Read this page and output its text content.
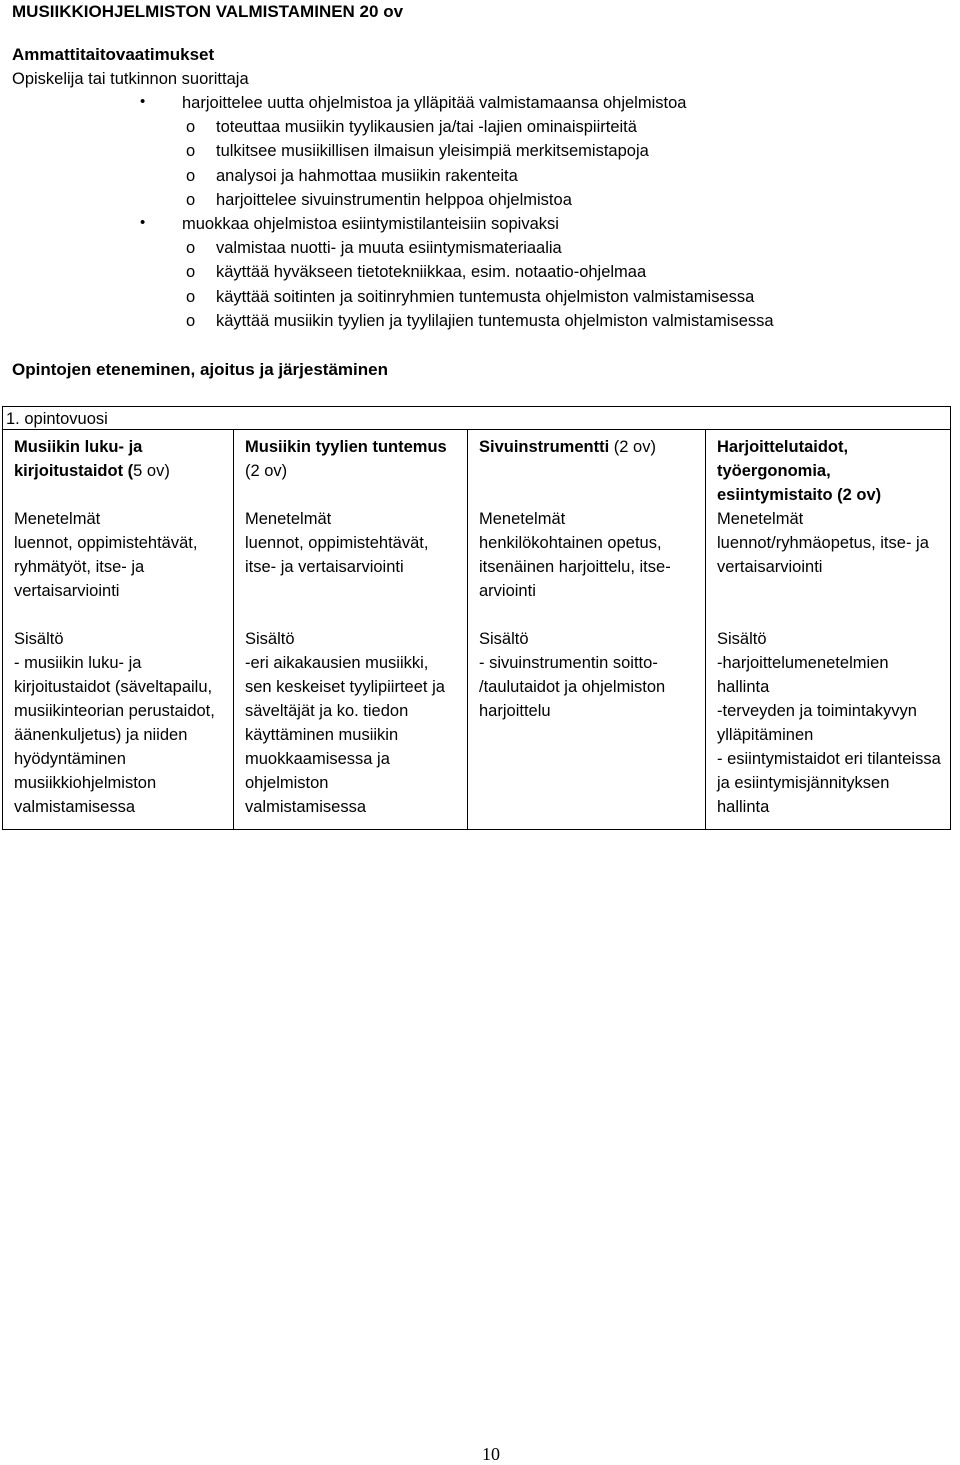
MUSIIKKIOHJELMISTON VALMISTAMINEN 20 ov
Ammattitaitovaatimukset
Opiskelija tai tutkinnon suorittaja
• harjoittelee uutta ohjelmistoa ja ylläpitää valmistamaansa ohjelmistoa
o toteuttaa musiikin tyylikausien ja/tai -lajien ominaispiirteitä
o tulkitsee musiikillisen ilmaisun yleisimpiä merkitsemistapoja
o analysoi ja hahmottaa musiikin rakenteita
o harjoittelee sivuinstrumentin helppoa ohjelmistoa
• muokkaa ohjelmistoa esiintymistilanteisiin sopivaksi
o valmistaa nuotti- ja muuta esiintymismateriaalia
o käyttää hyväkseen tietotekniikkaa, esim. notaatio-ohjelmaa
o käyttää soitinten ja soitinryhmien tuntemusta ohjelmiston valmistamisessa
o käyttää musiikin tyylien ja tyylilajien tuntemusta ohjelmiston valmistamisessa
Opintojen eteneminen, ajoitus ja järjestäminen
1. opintovuosi

Musiikin luku- ja
kirjoitustaidot (5 ov)
Menetelmät
luennot, oppimistehtävät,
ryhmätyöt, itse- ja
vertaisarviointi
Sisältö
- musiikin luku- ja
kirjoitustaidot (säveltapailu,
musiikinteorian perustaidot,
äänenkuljetus) ja niiden
hyödyntäminen
musiikkiohjelmiston
valmistamisessa

Musiikin tyylien tuntemus
(2 ov)
Menetelmät
luennot, oppimistehtävät,
itse- ja vertaisarviointi
Sisältö
-eri aikakausien musiikki,
sen keskeiset tyylipiirteet ja
säveltäjät ja ko. tiedon
käyttäminen musiikin
muokkaamisessa ja
ohjelmiston
valmistamisessa

Sivuinstrumentti (2 ov)
Menetelmät
henkilökohtainen opetus,
itsenäinen harjoittelu, itse-
arviointi
Sisältö
- sivuinstrumentin soitto-
/taulutaidot ja ohjelmiston
harjoittelu

Harjoittelutaidot,
työergonomia,
esiintymistaito (2 ov)
Menetelmät
luennot/ryhmäopetus, itse- ja
vertaisarviointi
Sisältö
-harjoittelumenetelmien
hallinta
-terveyden ja toimintakyvyn
ylläpitäminen
- esiintymistaidot eri tilanteissa
ja esiintymisjännityksen
hallinta
10
